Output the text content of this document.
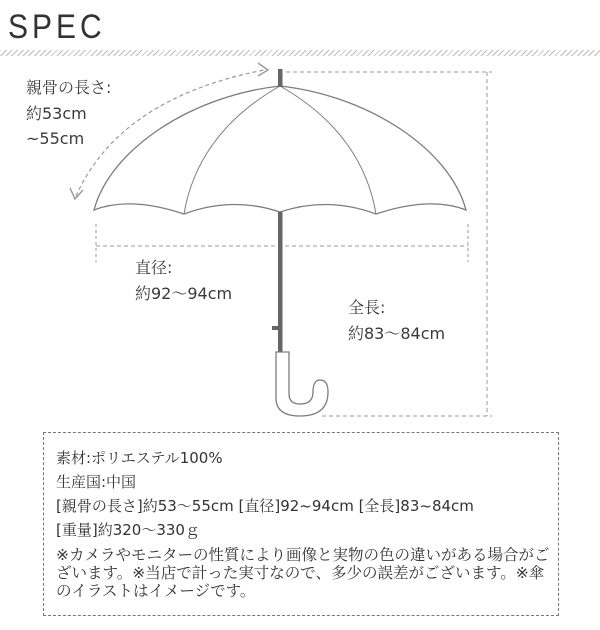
SPEC
親骨の長さ:
約53cm
~55cm
直径:
約92〜94cm
全長:
約83〜84cm
素材:ポリエステル100%
生産国:中国
[親骨の長さ]約53〜55cm [直径]92~94cm [全長]83~84cm
[重量]約320〜330ｇ
※カメラやモニターの性質により画像と実物の色の違いがある場合がございます。※当店で計った実寸なので、多少の誤差がございます。※傘のイラストはイメージです。
